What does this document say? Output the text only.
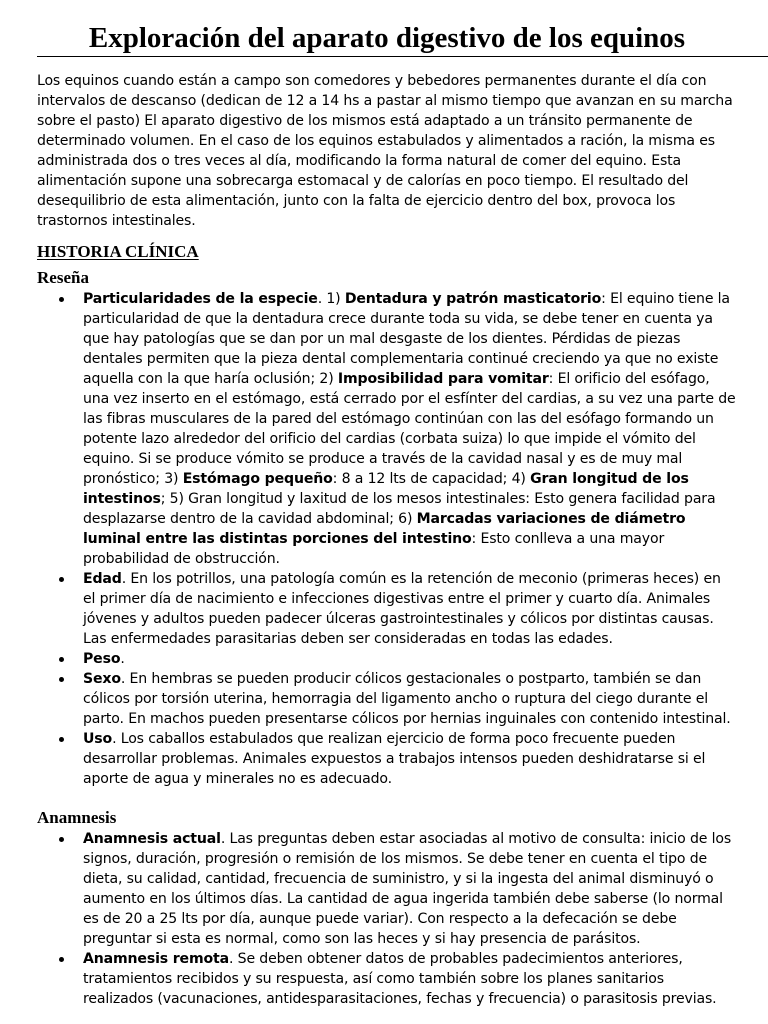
Exploración del aparato digestivo de los equinos

Los equinos cuando están a campo son comedores y bebedores permanentes durante el día con intervalos de descanso (dedican de 12 a 14 hs a pastar al mismo tiempo que avanzan en su marcha sobre el pasto) El aparato digestivo de los mismos está adaptado a un tránsito permanente de determinado volumen. En el caso de los equinos estabulados y alimentados a ración, la misma es administrada dos o tres veces al día, modificando la forma natural de comer del equino. Esta alimentación supone una sobrecarga estomacal y de calorías en poco tiempo. El resultado del desequilibrio de esta alimentación, junto con la falta de ejercicio dentro del box, provoca los trastornos intestinales.

HISTORIA CLÍNICA
Reseña
Particularidades de la especie. 1) Dentadura y patrón masticatorio: El equino tiene la particularidad de que la dentadura crece durante toda su vida, se debe tener en cuenta ya que hay patologías que se dan por un mal desgaste de los dientes. Pérdidas de piezas dentales permiten que la pieza dental complementaria continué creciendo ya que no existe aquella con la que haría oclusión; 2) Imposibilidad para vomitar: El orificio del esófago, una vez inserto en el estómago, está cerrado por el esfínter del cardias, a su vez una parte de las fibras musculares de la pared del estómago continúan con las del esófago formando un potente lazo alrededor del orificio del cardias (corbata suiza) lo que impide el vómito del equino. Si se produce vómito se produce a través de la cavidad nasal y es de muy mal pronóstico; 3) Estómago pequeño: 8 a 12 lts de capacidad; 4) Gran longitud de los intestinos; 5) Gran longitud y laxitud de los mesos intestinales: Esto genera facilidad para desplazarse dentro de la cavidad abdominal; 6) Marcadas variaciones de diámetro luminal entre las distintas porciones del intestino: Esto conlleva a una mayor probabilidad de obstrucción.
Edad. En los potrillos, una patología común es la retención de meconio (primeras heces) en el primer día de nacimiento e infecciones digestivas entre el primer y cuarto día. Animales jóvenes y adultos pueden padecer úlceras gastrointestinales y cólicos por distintas causas. Las enfermedades parasitarias deben ser consideradas en todas las edades.
Peso.
Sexo. En hembras se pueden producir cólicos gestacionales o postparto, también se dan cólicos por torsión uterina, hemorragia del ligamento ancho o ruptura del ciego durante el parto. En machos pueden presentarse cólicos por hernias inguinales con contenido intestinal.
Uso. Los caballos estabulados que realizan ejercicio de forma poco frecuente pueden desarrollar problemas. Animales expuestos a trabajos intensos pueden deshidratarse si el aporte de agua y minerales no es adecuado.
Anamnesis
Anamnesis actual. Las preguntas deben estar asociadas al motivo de consulta: inicio de los signos, duración, progresión o remisión de los mismos. Se debe tener en cuenta el tipo de dieta, su calidad, cantidad, frecuencia de suministro, y si la ingesta del animal disminuyó o aumento en los últimos días. La cantidad de agua ingerida también debe saberse (lo normal es de 20 a 25 lts por día, aunque puede variar). Con respecto a la defecación se debe preguntar si esta es normal, como son las heces y si hay presencia de parásitos.
Anamnesis remota. Se deben obtener datos de probables padecimientos anteriores, tratamientos recibidos y su respuesta, así como también sobre los planes sanitarios realizados (vacunaciones, antidesparasitaciones, fechas y frecuencia) o parasitosis previas.
